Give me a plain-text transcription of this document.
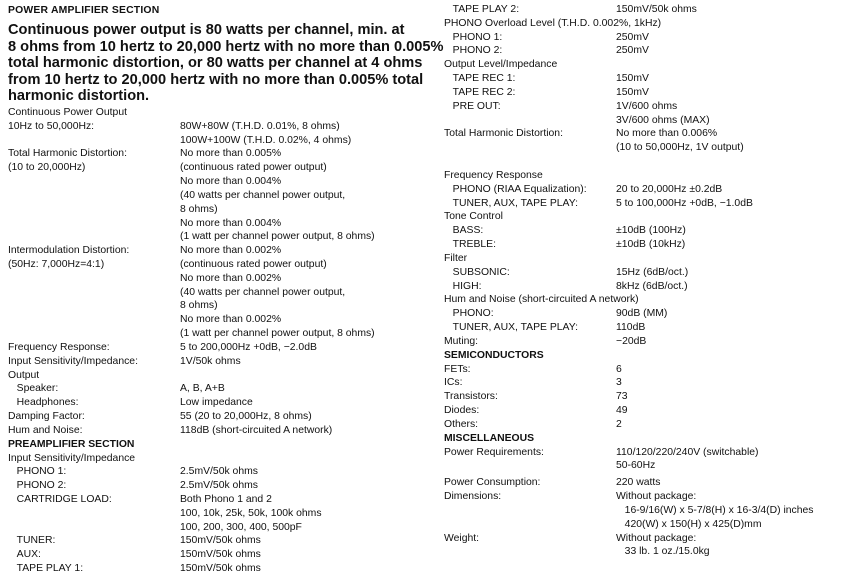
POWER AMPLIFIER SECTION
Continuous power output is 80 watts per channel, min. at
8 ohms from 10 hertz to 20,000 hertz with no more than 0.005%
total harmonic distortion, or 80 watts per channel at 4 ohms
from 10 hertz to 20,000 hertz with no more than 0.005% total
harmonic distortion.
Continuous Power Output
10Hz to 50,000Hz:	80W+80W (T.H.D. 0.01%, 8 ohms)
100W+100W (T.H.D. 0.02%, 4 ohms)
Total Harmonic Distortion:	No more than 0.005%
(10 to 20,000Hz)	(continuous rated power output)
No more than 0.004%
(40 watts per channel power output,
8 ohms)
No more than 0.004%
(1 watt per channel power output, 8 ohms)
Intermodulation Distortion:	No more than 0.002%
(50Hz: 7,000Hz=4:1)	(continuous rated power output)
No more than 0.002%
(40 watts per channel power output,
8 ohms)
No more than 0.002%
(1 watt per channel power output, 8 ohms)
Frequency Response:	5 to 200,000Hz +0dB, −2.0dB
Input Sensitivity/Impedance:	1V/50k ohms
Output
Speaker:	A, B, A+B
Headphones:	Low impedance
Damping Factor:	55 (20 to 20,000Hz, 8 ohms)
Hum and Noise:	118dB (short-circuited A network)
PREAMPLIFIER SECTION
Input Sensitivity/Impedance
PHONO 1:	2.5mV/50k ohms
PHONO 2:	2.5mV/50k ohms
CARTRIDGE LOAD:	Both Phono 1 and 2
100, 10k, 25k, 50k, 100k ohms
100, 200, 300, 400, 500pF
TUNER:	150mV/50k ohms
AUX:	150mV/50k ohms
TAPE PLAY 1:	150mV/50k ohms
TAPE PLAY 2:	150mV/50k ohms
PHONO Overload Level (T.H.D. 0.002%, 1kHz)
PHONO 1:	250mV
PHONO 2:	250mV
Output Level/Impedance
TAPE REC 1:	150mV
TAPE REC 2:	150mV
PRE OUT:	1V/600 ohms
3V/600 ohms (MAX)
Total Harmonic Distortion:	No more than 0.006%
(10 to 50,000Hz, 1V output)
Frequency Response
PHONO (RIAA Equalization):	20 to 20,000Hz ±0.2dB
TUNER, AUX, TAPE PLAY:	5 to 100,000Hz +0dB, −1.0dB
Tone Control
BASS:	±10dB (100Hz)
TREBLE:	±10dB (10kHz)
Filter
SUBSONIC:	15Hz (6dB/oct.)
HIGH:	8kHz (6dB/oct.)
Hum and Noise (short-circuited A network)
PHONO:	90dB (MM)
TUNER, AUX, TAPE PLAY:	110dB
Muting:	−20dB
SEMICONDUCTORS
FETs:	6
ICs:	3
Transistors:	73
Diodes:	49
Others:	2
MISCELLANEOUS
Power Requirements:	110/120/220/240V (switchable)
50-60Hz
Power Consumption:	220 watts
Dimensions:	Without package:
16-9/16(W) x 5-7/8(H) x 16-3/4(D) inches
420(W) x 150(H) x 425(D)mm
Weight:	Without package:
33 lb. 1 oz./15.0kg
